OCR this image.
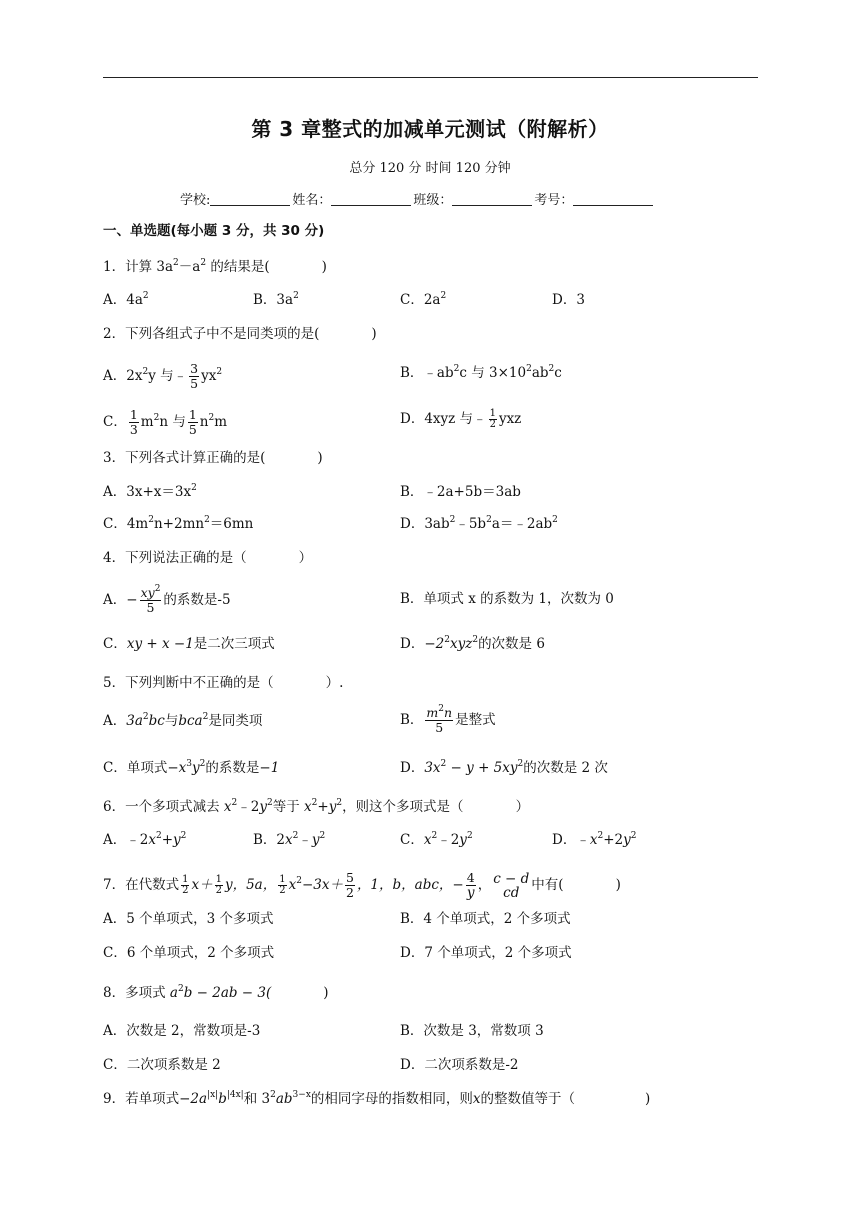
第 3 章整式的加减单元测试（附解析）
总分 120 分 时间 120 分钟
学校:	姓名：	班级：	考号：
一、单选题(每小题 3 分，共 30 分)
1．计算 $3a^2-a^2$ 的结果是(	)
A．$4a^2$	B．$3a^2$	C．$2a^2$	D．3
2．下列各组式子中不是同类项的是(	)
A．$2x^2y$ 与﹣ $\frac{3}{5} yx^2$	B．$﹣ab^2c$ 与 $3\times 10^2ab^2c$
C． $\frac{1}{3} m^2n$ 与 $\frac{1}{5} n^2m$	D．4xyz 与﹣ $\frac{1}{2}$ yxz
3．下列各式计算正确的是(	)
A．$3x+x=3x^2$	B．﹣2a+5b＝3ab
C．$4m^2n+2mn^2=6mn$	D．$3ab^2﹣5b^2a=﹣2ab^2$
4．下列说法正确的是（	）
A．− $\frac{xy^2}{5}$ 的系数是-5	B．单项式 x 的系数为 1，次数为 0
C．xy + x −1是二次三项式	D．$-2^2xyz^2$的次数是 6
5．下列判断中不正确的是（	）.
A．$3a^2bc$与bca$^2$是同类项	B． $\frac{m^2n}{5}$ 是整式
C．单项式$-x^3y^2$的系数是−1	D．$3x^2 - y + 5xy^2$的次数是 2 次
6．一个多项式减去 $x^2﹣2y^2$等于 $x^2+y^2$，则这个多项式是（	）
A．$﹣2x^2+y^2$	B．$2x^2﹣y^2$	C．$x^2﹣2y^2$	D．$﹣x^2+2y^2$
7．在代数式 $\frac{1}{2} x+ \frac{1}{2}$ y，5a， $\frac{1}{2} x^2-3x+ \frac{5}{2}$ ，1，b，abc，− $\frac{4}{y}$ ， c − d
cd 中有(	)
A．5 个单项式，3 个多项式	B．4 个单项式，2 个多项式
C．6 个单项式，2 个多项式	D．7 个单项式，2 个多项式
8．多项式 $a^2b - 2ab - 3$(	)
A．次数是 2，常数项是-3	B．次数是 3，常数项 3
C．二次项系数是 2	D．二次项系数是-2
9．若单项式$-2a^{|x|}b^{|4x|}$和 $3^2ab^{3-x}$的相同字母的指数相同，则x的整数值等于（	)
